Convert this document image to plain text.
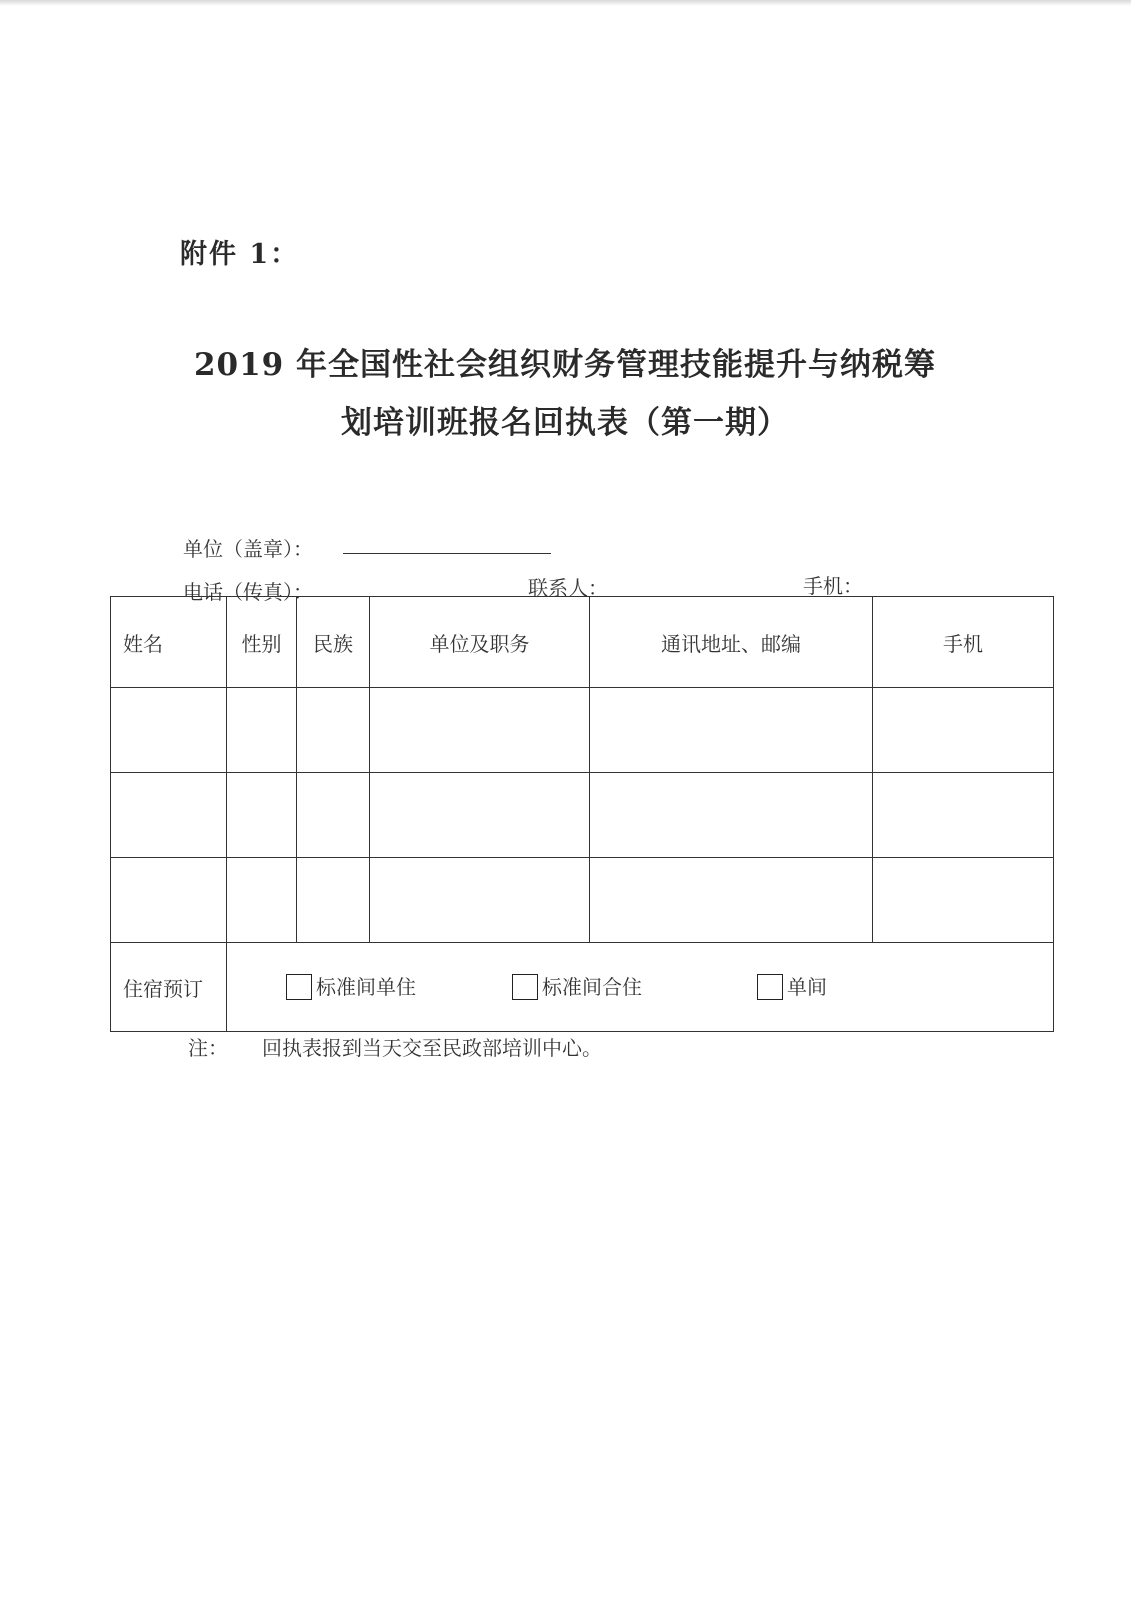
附件 1：
2019 年全国性社会组织财务管理技能提升与纳税筹
划培训班报名回执表（第一期）
单位（盖章）：
电话（传真）：	联系人：	手机：
姓名	性别	民族	单位及职务	通讯地址、邮编	手机

住宿预订	标准间单住 标准间合住 单间				
注： 回执表报到当天交至民政部培训中心。
